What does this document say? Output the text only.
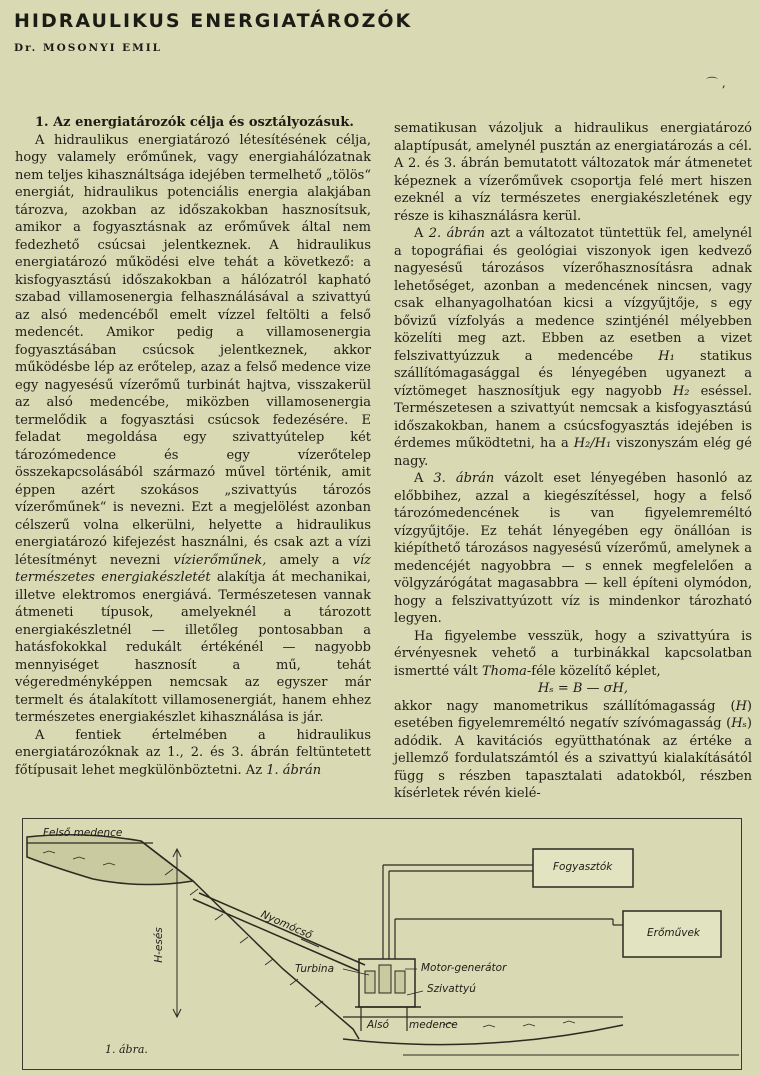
HIDRAULIKUS ENERGIATÁROZÓK
Dr. MOSONYI EMIL
⌒ ,

1. Az energiatározók célja és osztályozásuk.

A hidraulikus energiatározó létesítésének célja, hogy valamely erőműnek, vagy energiahálózatnak nem teljes kihasználtsága idejében termelhető „tölös“ energiát, hidraulikus potenciális energia alakjában tározva, azokban az időszakokban hasznosítsuk, amikor a fogyasztásnak az erőművek által nem fedezhető csúcsai jelentkeznek. A hidraulikus energiatározó működési elve tehát a következő: a kisfogyasztású időszakokban a hálózatról kapható szabad villamosenergia felhasználásával a szivattyú az alsó medencéből emelt vízzel feltölti a felső medencét. Amikor pedig a villamosenergia fogyasztásában csúcsok jelentkeznek, akkor működésbe lép az erőtelep, azaz a felső medence vize egy nagyesésű vízerőmű turbinát hajtva, visszakerül az alsó medencébe, miközben villamosenergia termelődik a fogyasztási csúcsok fedezésére. E feladat megoldása egy szivattyútelep két tározómedence és egy vízerőtelep összekapcsolásából származó művel történik, amit éppen azért szokásos „szivattyús tározós vízerőműnek“ is nevezni. Ezt a megjelölést azonban célszerű volna elkerülni, helyette a hidraulikus energiatározó kifejezést használni, és csak azt a vízi létesítményt nevezni vízierőműnek, amely a víz természetes energiakészletét alakítja át mechanikai, illetve elektromos energiává. Természetesen vannak átmeneti típusok, amelyeknél a tározott energiakészletnél — illetőleg pontosabban a hatásfokokkal redukált értékénél — nagyobb mennyiséget hasznosít a mű, tehát végeredményképpen nemcsak az egyszer már termelt és átalakított villamosenergiát, hanem ehhez természetes energiakészlet kihasználása is jár.

A fentiek értelmében a hidraulikus energiatározóknak az 1., 2. és 3. ábrán feltüntetett főtípusait lehet megkülönböztetni. Az 1. ábrán

sematikusan vázoljuk a hidraulikus energiatározó alaptípusát, amelynél pusztán az energiatározás a cél. A 2. és 3. ábrán bemutatott változatok már átmenetet képeznek a vízerőművek csoportja felé mert hiszen ezeknél a víz természetes energiakészletének egy része is kihasználásra kerül.

A 2. ábrán azt a változatot tüntettük fel, amelynél a topográfiai és geológiai viszonyok igen kedvező nagyesésű tározásos vízerőhasznosításra adnak lehetőséget, azonban a medencének nincsen, vagy csak elhanyagolhatóan kicsi a vízgyűjtője, s egy bővizű vízfolyás a medence szintjénél mélyebben közelíti meg azt. Ebben az esetben a vizet felszivattyúzzuk a medencébe H₁ statikus szállítómagasággal és lényegében ugyanezt a víztömeget hasznosítjuk egy nagyobb H₂ eséssel. Természetesen a szivattyút nemcsak a kisfogyasztású időszakokban, hanem a csúcsfogyasztás idejében is érdemes működtetni, ha a H₂/H₁ viszonyszám elég gé nagy.

A 3. ábrán vázolt eset lényegében hasonló az előbbihez, azzal a kiegészítéssel, hogy a felső tározómedencének is van figyelemreméltó vízgyűjtője. Ez tehát lényegében egy önállóan is kiépíthető tározásos nagyesésű vízerőmű, amelynek a medencéjét nagyobbra — s ennek megfelelően a völgyzárógátat magasabbra — kell építeni olymódon, hogy a felszivattyúzott víz is mindenkor tározható legyen.

Ha figyelembe vesszük, hogy a szivattyúra is érvényesnek vehető a turbinákkal kapcsolatban ismertté vált Thoma-féle közelítő képlet,

Hₛ = B — σH,

akkor nagy manometrikus szállítómagasság (H) esetében figyelemreméltó negatív szívómagasság (Hₛ) adódik. A kavitációs együtthatónak az értéke a jellemző fordulatszámtól és a szivattyú kialakításától függ s részben tapasztalati adatokból, részben kísérletek révén kielé-

Felső medence
Nyomócső
H-esés
Turbina	Motor-generátor
Szivattyú
Alsó medence
Fogyasztók
Erőművek
1. ábra.
